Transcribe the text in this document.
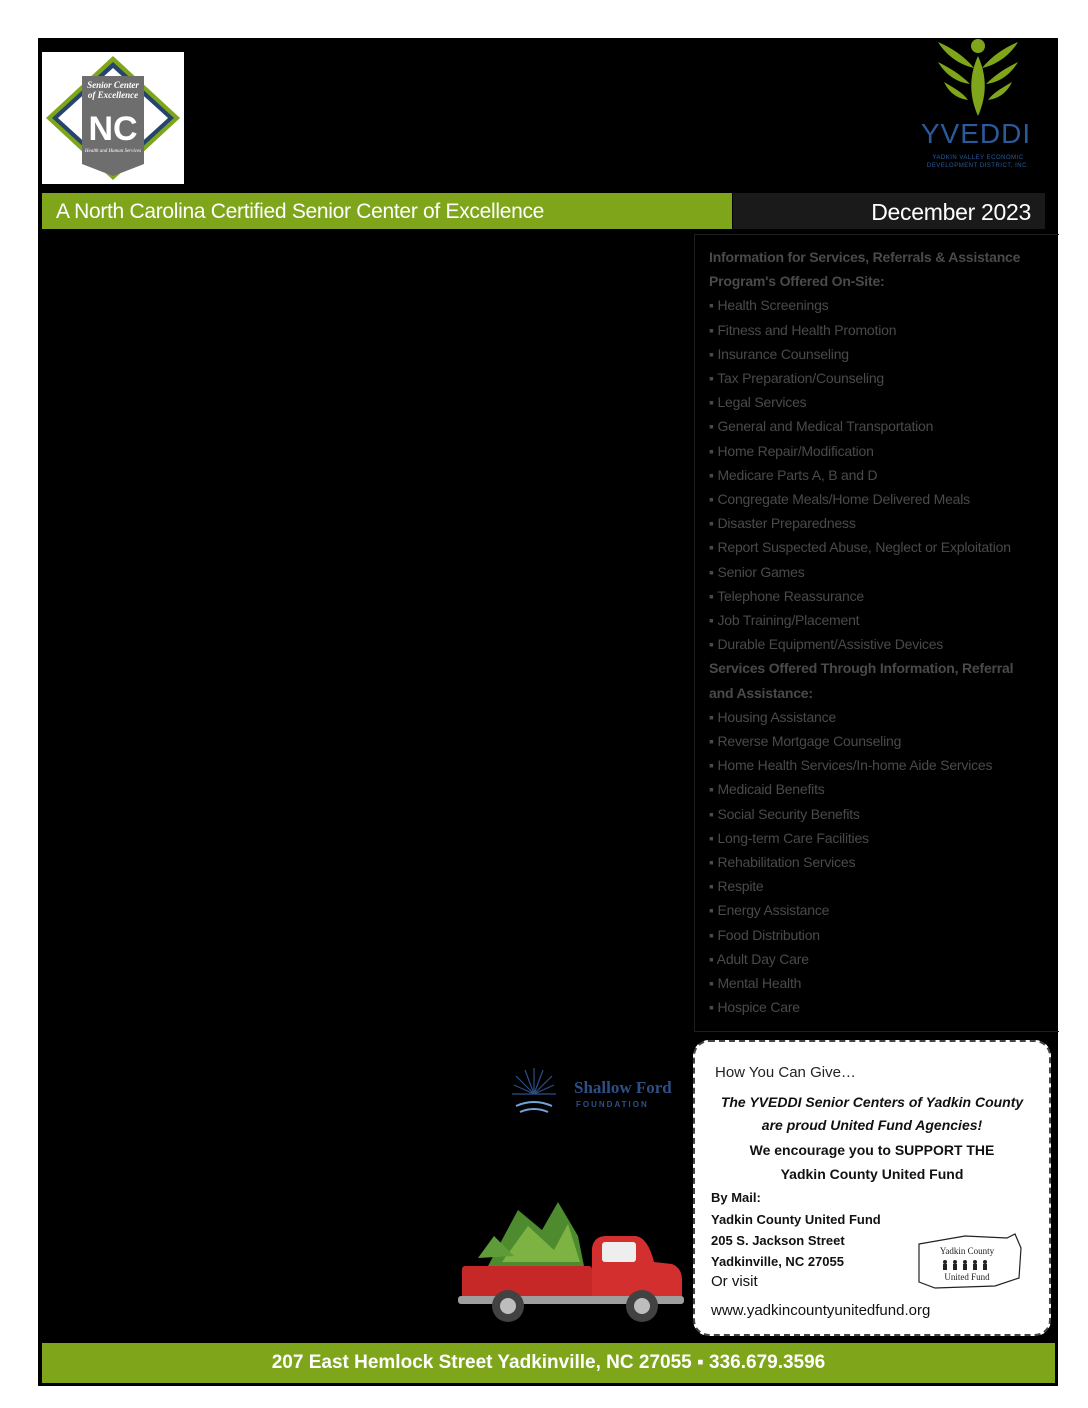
Senior Center
of Excellence
NC
Health and Human Services
YVEDDI
YADKIN VALLEY ECONOMIC DEVELOPMENT DISTRICT, INC.
A North Carolina Certified Senior Center of Excellence	December 2023
Information for Services, Referrals & Assistance
Program's Offered On-Site:
▪ Health Screenings
▪ Fitness and Health Promotion
▪ Insurance Counseling
▪ Tax Preparation/Counseling
▪ Legal Services
▪ General and Medical Transportation
▪ Home Repair/Modification
▪ Medicare Parts A, B and D
▪ Congregate Meals/Home Delivered Meals
▪ Disaster Preparedness
▪ Report Suspected Abuse, Neglect or Exploitation
▪ Senior Games
▪ Telephone Reassurance
▪ Job Training/Placement
▪ Durable Equipment/Assistive Devices
Services Offered Through Information, Referral
and Assistance:
▪ Housing Assistance
▪ Reverse Mortgage Counseling
▪ Home Health Services/In-home Aide Services
▪ Medicaid Benefits
▪ Social Security Benefits
▪ Long-term Care Facilities
▪ Rehabilitation Services
▪ Respite
▪ Energy Assistance
▪ Food Distribution
▪ Adult Day Care
▪ Mental Health
▪ Hospice Care
Shallow Ford
FOUNDATION
How You Can Give…
The YVEDDI Senior Centers of Yadkin County
are proud United Fund Agencies!
We encourage you to SUPPORT THE
Yadkin County United Fund
By Mail:
Yadkin County United Fund
205 S. Jackson Street
Yadkinville, NC 27055
Or visit
www.yadkincountyunitedfund.org
Yadkin County
United Fund
207 East Hemlock Street Yadkinville, NC 27055 ▪ 336.679.3596
